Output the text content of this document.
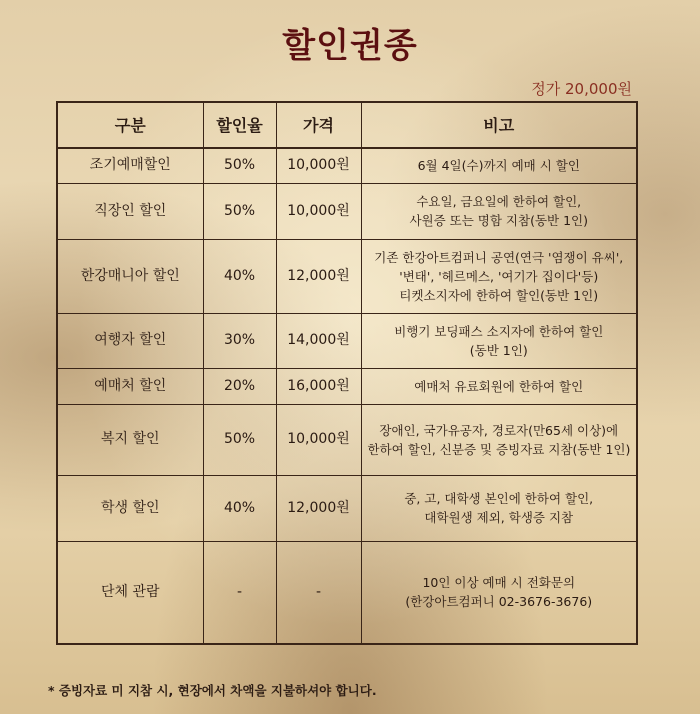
할인권종
정가 20,000원
구분	할인율	가격	비고
조기예매할인	50%	10,000원	6월 4일(수)까지 예매 시 할인

직장인 할인	50%	10,000원	수요일, 금요일에 한하여 할인,
사원증 또는 명함 지참(동반 1인)

한강매니아 할인	40%	12,000원	기존 한강아트컴퍼니 공연(연극 '염쟁이 유씨',
'변태', '헤르메스, '여기가 집이다'등)
티켓소지자에 한하여 할인(동반 1인)

여행자 할인	30%	14,000원	비행기 보딩패스 소지자에 한하여 할인
(동반 1인)

예매처 할인	20%	16,000원	예매처 유료회원에 한하여 할인

복지 할인	50%	10,000원	장애인, 국가유공자, 경로자(만65세 이상)에
한하여 할인, 신분증 및 증빙자료 지참(동반 1인)

학생 할인	40%	12,000원	중, 고, 대학생 본인에 한하여 할인,
대학원생 제외, 학생증 지참

단체 관람	-	-	10인 이상 예매 시 전화문의
(한강아트컴퍼니 02-3676-3676)
* 증빙자료 미 지참 시, 현장에서 차액을 지불하셔야 합니다.
